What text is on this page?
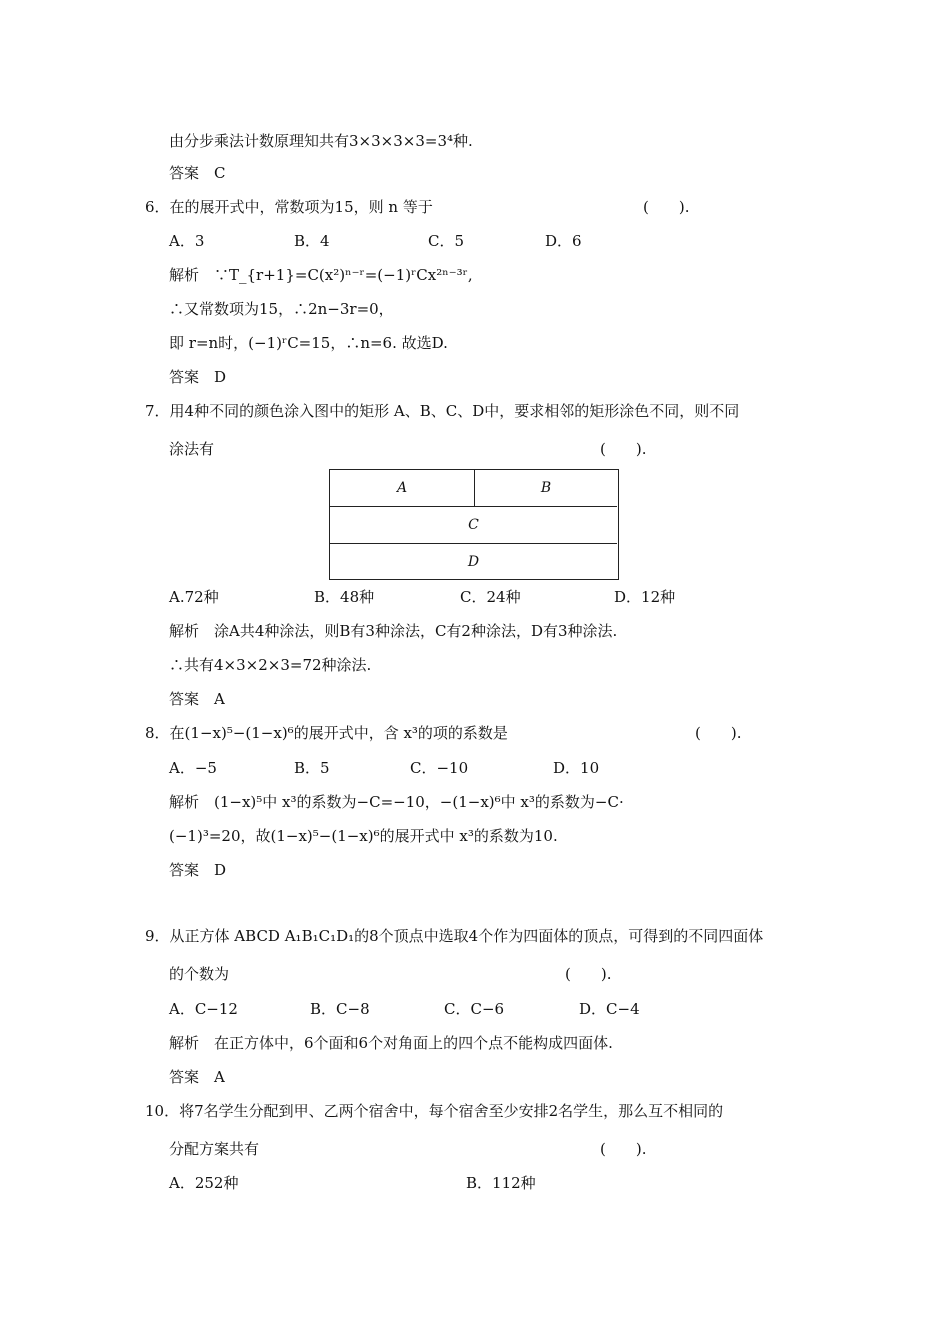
由分步乘法计数原理知共有3×3×3×3=3⁴种.
答案　C
6．在的展开式中，常数项为15，则 n 等于	(　　).
A．3	B．4	C．5	D．6
解析　∵T_{r+1}=C(x²)ⁿ⁻ʳ=(−1)ʳCx²ⁿ⁻³ʳ,
∴又常数项为15，∴2n−3r=0，
即 r=n时，(−1)ʳC=15，∴n=6. 故选D.
答案　D
7．用4种不同的颜色涂入图中的矩形 A、B、C、D中，要求相邻的矩形涂色不同，则不同
涂法有	(　　).
A	B
C
D
A.72种	B．48种	C．24种	D．12种
解析　涂A共4种涂法，则B有3种涂法，C有2种涂法，D有3种涂法.
∴共有4×3×2×3=72种涂法.
答案　A
8．在(1−x)⁵−(1−x)⁶的展开式中，含 x³的项的系数是	(　　).
A．−5	B．5	C．−10	D．10
解析　(1−x)⁵中 x³的系数为−C=−10，−(1−x)⁶中 x³的系数为−C·
(−1)³=20，故(1−x)⁵−(1−x)⁶的展开式中 x³的系数为10.
答案　D
9．从正方体 ABCD A₁B₁C₁D₁的8个顶点中选取4个作为四面体的顶点，可得到的不同四面体
的个数为	(　　).
A．C−12	B．C−8	C．C−6	D．C−4
解析　在正方体中，6个面和6个对角面上的四个点不能构成四面体.
答案　A
10．将7名学生分配到甲、乙两个宿舍中，每个宿舍至少安排2名学生，那么互不相同的
分配方案共有	(　　).
A．252种	B．112种
